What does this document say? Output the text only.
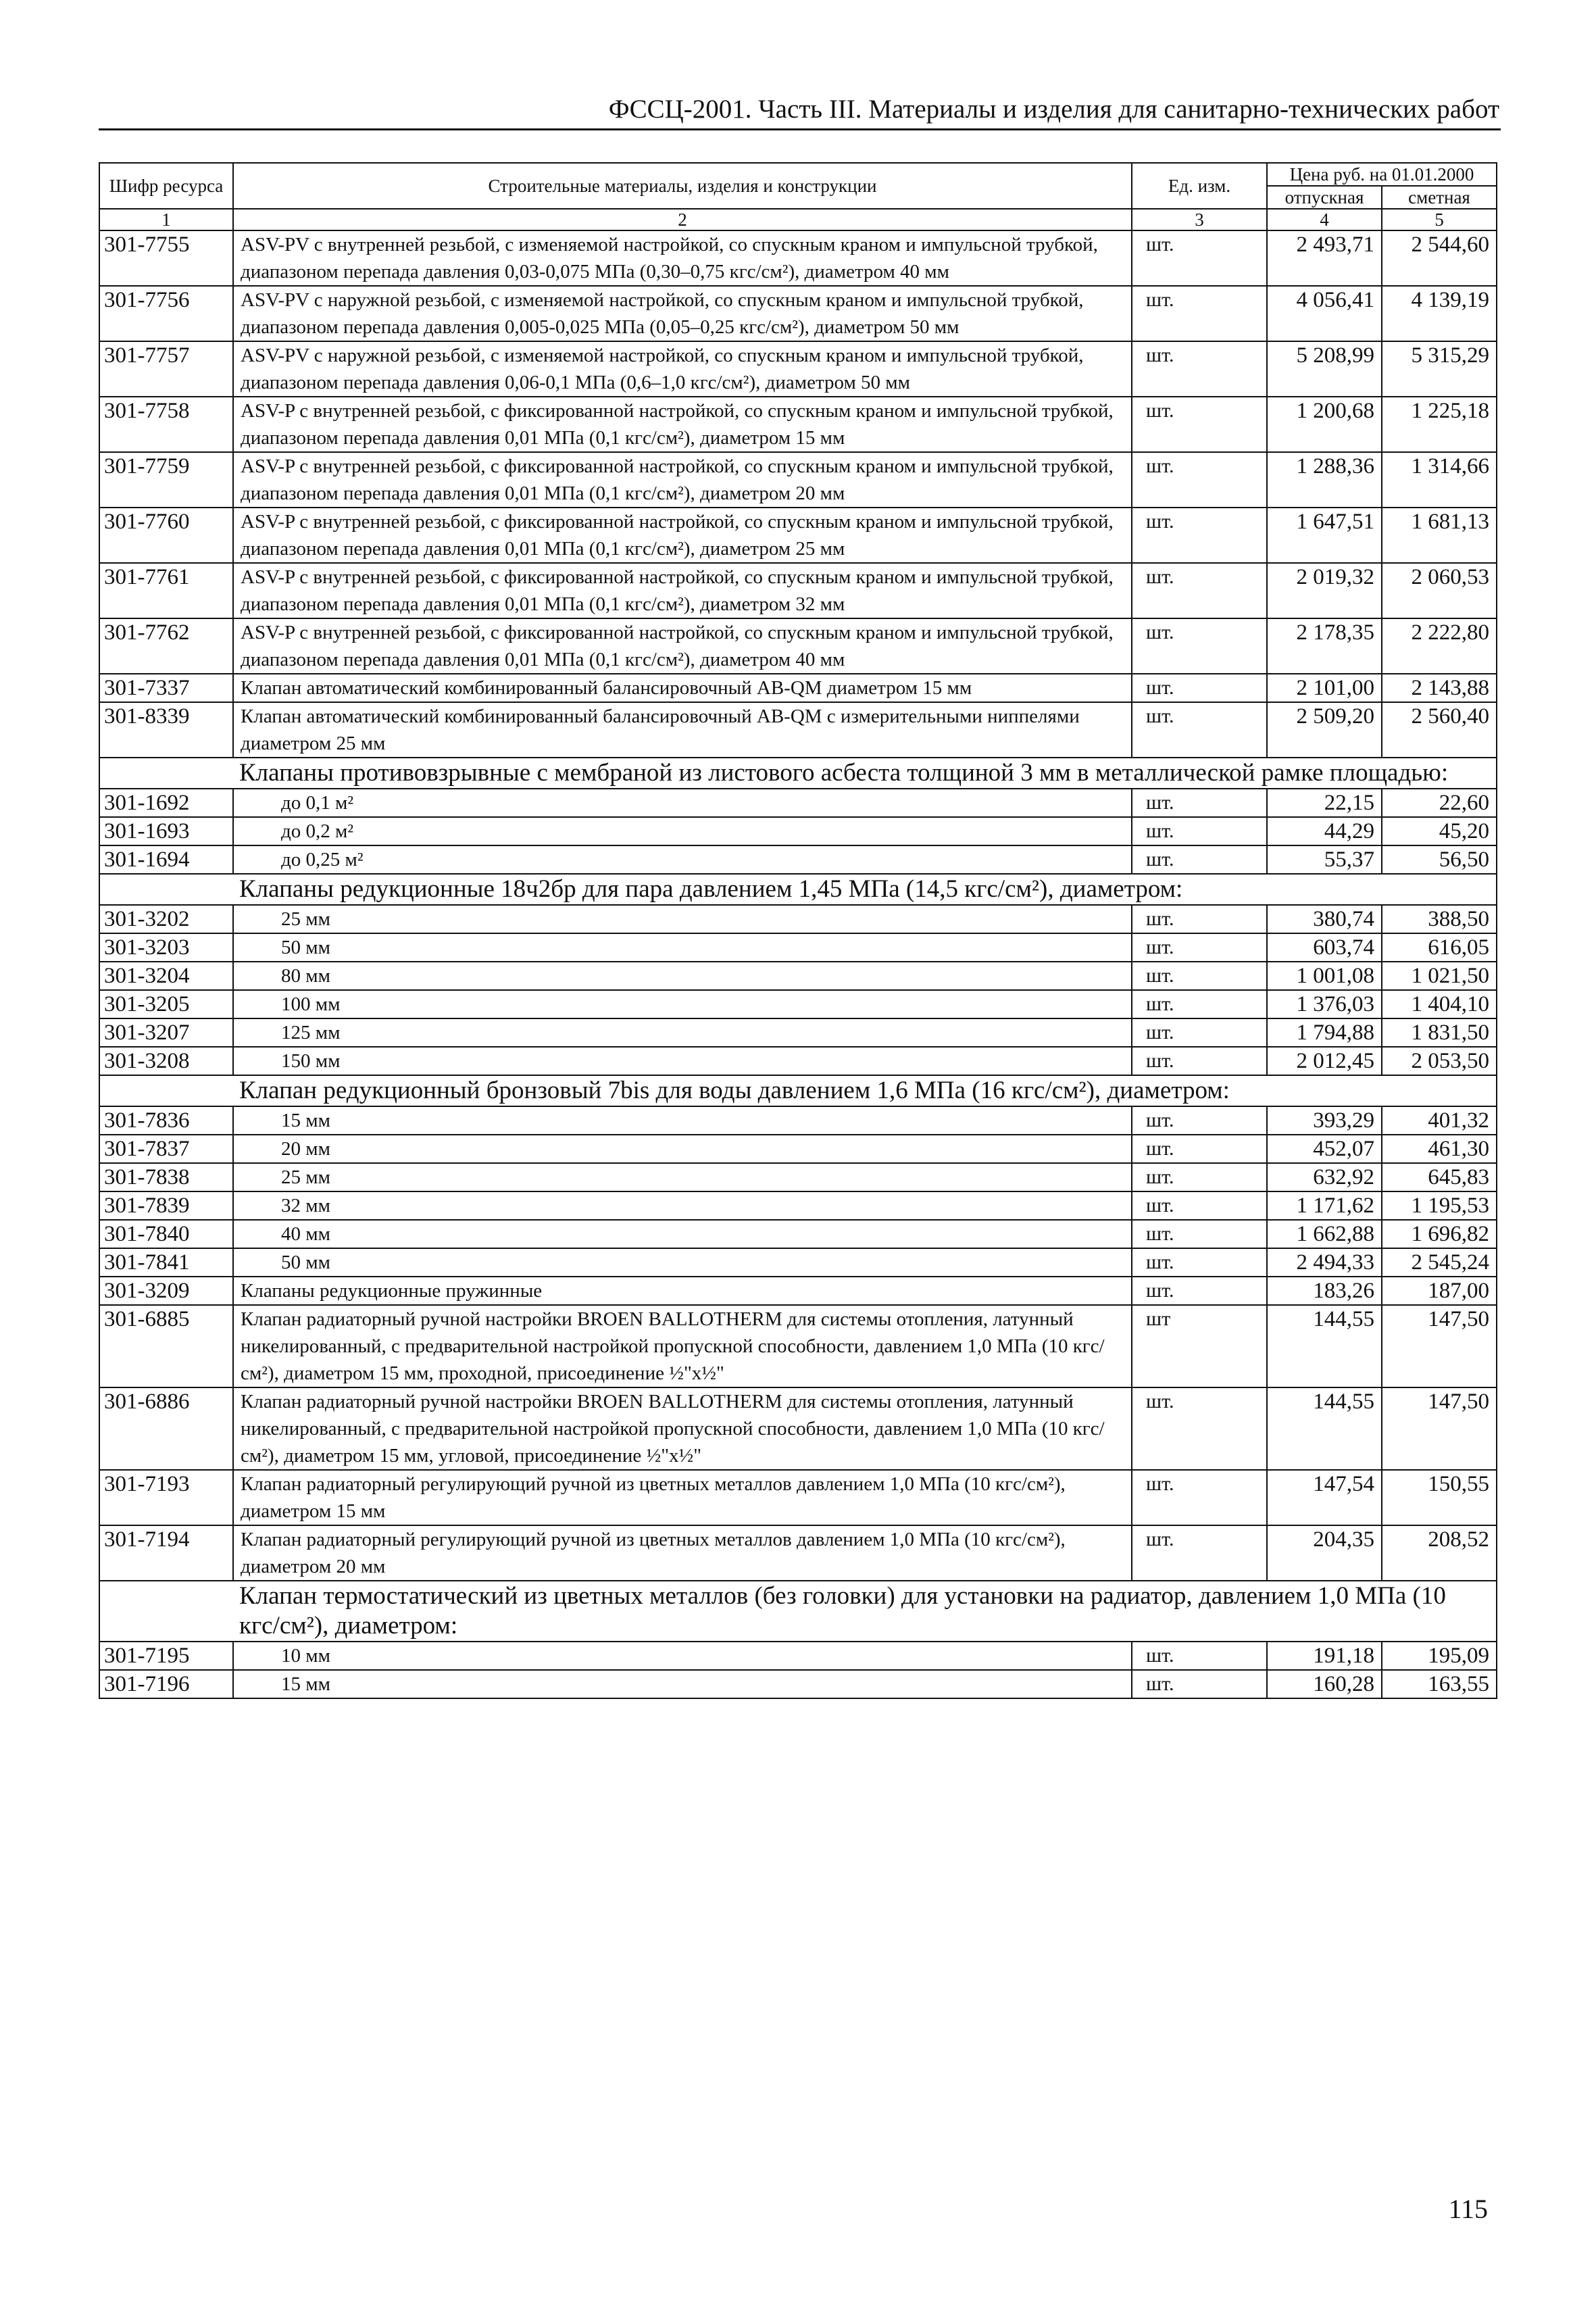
ФССЦ-2001. Часть III. Материалы и изделия для санитарно-технических работ
Шифр ресурса	Строительные материалы, изделия и конструкции	Ед. изм.	Цена руб. на 01.01.2000	
			отпускная	сметная
1	2	3	4	5
301-7755	ASV-PV с внутренней резьбой, с изменяемой настройкой, со спускным краном и импульсной трубкой, диапазоном перепада давления 0,03-0,075 МПа (0,30–0,75 кгс/см²), диаметром 40 мм	шт.	2 493,71	2 544,60
301-7756	ASV-PV с наружной резьбой, с изменяемой настройкой, со спускным краном и импульсной трубкой, диапазоном перепада давления 0,005-0,025 МПа (0,05–0,25 кгс/см²), диаметром 50 мм	шт.	4 056,41	4 139,19
301-7757	ASV-PV с наружной резьбой, с изменяемой настройкой, со спускным краном и импульсной трубкой, диапазоном перепада давления 0,06-0,1 МПа (0,6–1,0 кгс/см²), диаметром 50 мм	шт.	5 208,99	5 315,29
301-7758	ASV-P с внутренней резьбой, с фиксированной настройкой, со спускным краном и импульсной трубкой, диапазоном перепада давления 0,01 МПа (0,1 кгс/см²), диаметром 15 мм	шт.	1 200,68	1 225,18
301-7759	ASV-P с внутренней резьбой, с фиксированной настройкой, со спускным краном и импульсной трубкой, диапазоном перепада давления 0,01 МПа (0,1 кгс/см²), диаметром 20 мм	шт.	1 288,36	1 314,66
301-7760	ASV-P с внутренней резьбой, с фиксированной настройкой, со спускным краном и импульсной трубкой, диапазоном перепада давления 0,01 МПа (0,1 кгс/см²), диаметром 25 мм	шт.	1 647,51	1 681,13
301-7761	ASV-P с внутренней резьбой, с фиксированной настройкой, со спускным краном и импульсной трубкой, диапазоном перепада давления 0,01 МПа (0,1 кгс/см²), диаметром 32 мм	шт.	2 019,32	2 060,53
301-7762	ASV-P с внутренней резьбой, с фиксированной настройкой, со спускным краном и импульсной трубкой, диапазоном перепада давления 0,01 МПа (0,1 кгс/см²), диаметром 40 мм	шт.	2 178,35	2 222,80
301-7337	Клапан автоматический комбинированный балансировочный AB-QM диаметром 15 мм	шт.	2 101,00	2 143,88
301-8339	Клапан автоматический комбинированный балансировочный AB-QM с измерительными ниппелями диаметром 25 мм	шт.	2 509,20	2 560,40
Клапаны противовзрывные с мембраной из листового асбеста толщиной 3 мм в металлической рамке площадью:				
301-1692	до 0,1 м²	шт.	22,15	22,60
301-1693	до 0,2 м²	шт.	44,29	45,20
301-1694	до 0,25 м²	шт.	55,37	56,50
Клапаны редукционные 18ч2бр для пара давлением 1,45 МПа (14,5 кгс/см²), диаметром:				
301-3202	25 мм	шт.	380,74	388,50
301-3203	50 мм	шт.	603,74	616,05
301-3204	80 мм	шт.	1 001,08	1 021,50
301-3205	100 мм	шт.	1 376,03	1 404,10
301-3207	125 мм	шт.	1 794,88	1 831,50
301-3208	150 мм	шт.	2 012,45	2 053,50
Клапан редукционный бронзовый 7bis для воды давлением 1,6 МПа (16 кгс/см²), диаметром:				
301-7836	15 мм	шт.	393,29	401,32
301-7837	20 мм	шт.	452,07	461,30
301-7838	25 мм	шт.	632,92	645,83
301-7839	32 мм	шт.	1 171,62	1 195,53
301-7840	40 мм	шт.	1 662,88	1 696,82
301-7841	50 мм	шт.	2 494,33	2 545,24
301-3209	Клапаны редукционные пружинные	шт.	183,26	187,00
301-6885	Клапан радиаторный ручной настройки BROEN BALLOTHERM для системы отопления, латунный никелированный, с предварительной настройкой пропускной способности, давлением 1,0 МПа (10 кгс/см²), диаметром 15 мм, проходной, присоединение ½"x½"	шт	144,55	147,50
301-6886	Клапан радиаторный ручной настройки BROEN BALLOTHERM для системы отопления, латунный никелированный, с предварительной настройкой пропускной способности, давлением 1,0 МПа (10 кгс/см²), диаметром 15 мм, угловой, присоединение ½"x½"	шт.	144,55	147,50
301-7193	Клапан радиаторный регулирующий ручной из цветных металлов давлением 1,0 МПа (10 кгс/см²), диаметром 15 мм	шт.	147,54	150,55
301-7194	Клапан радиаторный регулирующий ручной из цветных металлов давлением 1,0 МПа (10 кгс/см²), диаметром 20 мм	шт.	204,35	208,52
Клапан термостатический из цветных металлов (без головки) для установки на радиатор, давлением 1,0 МПа (10 кгс/см²), диаметром:				
301-7195	10 мм	шт.	191,18	195,09
301-7196	15 мм	шт.	160,28	163,55
115
